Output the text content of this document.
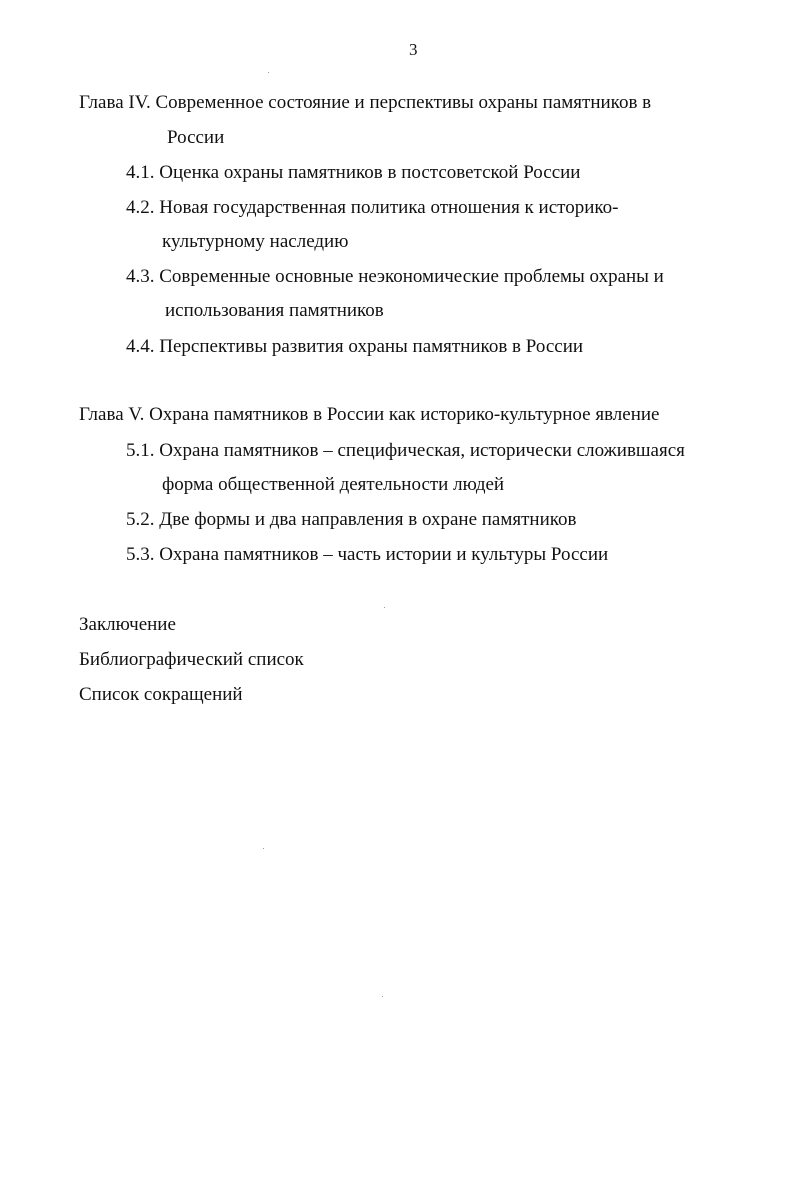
3
Глава IV. Современное состояние и перспективы охраны памятников в
России
4.1. Оценка охраны памятников в постсоветской России
4.2. Новая государственная политика отношения к историко-
культурному наследию
4.3. Современные основные неэкономические проблемы охраны и
использования памятников
4.4. Перспективы развития охраны памятников в России
Глава V. Охрана памятников в России как историко-культурное явление
5.1. Охрана памятников – специфическая, исторически сложившаяся
форма общественной деятельности людей
5.2. Две формы и два направления в охране памятников
5.3. Охрана памятников – часть истории и культуры России
Заключение
Библиографический список
Список сокращений
